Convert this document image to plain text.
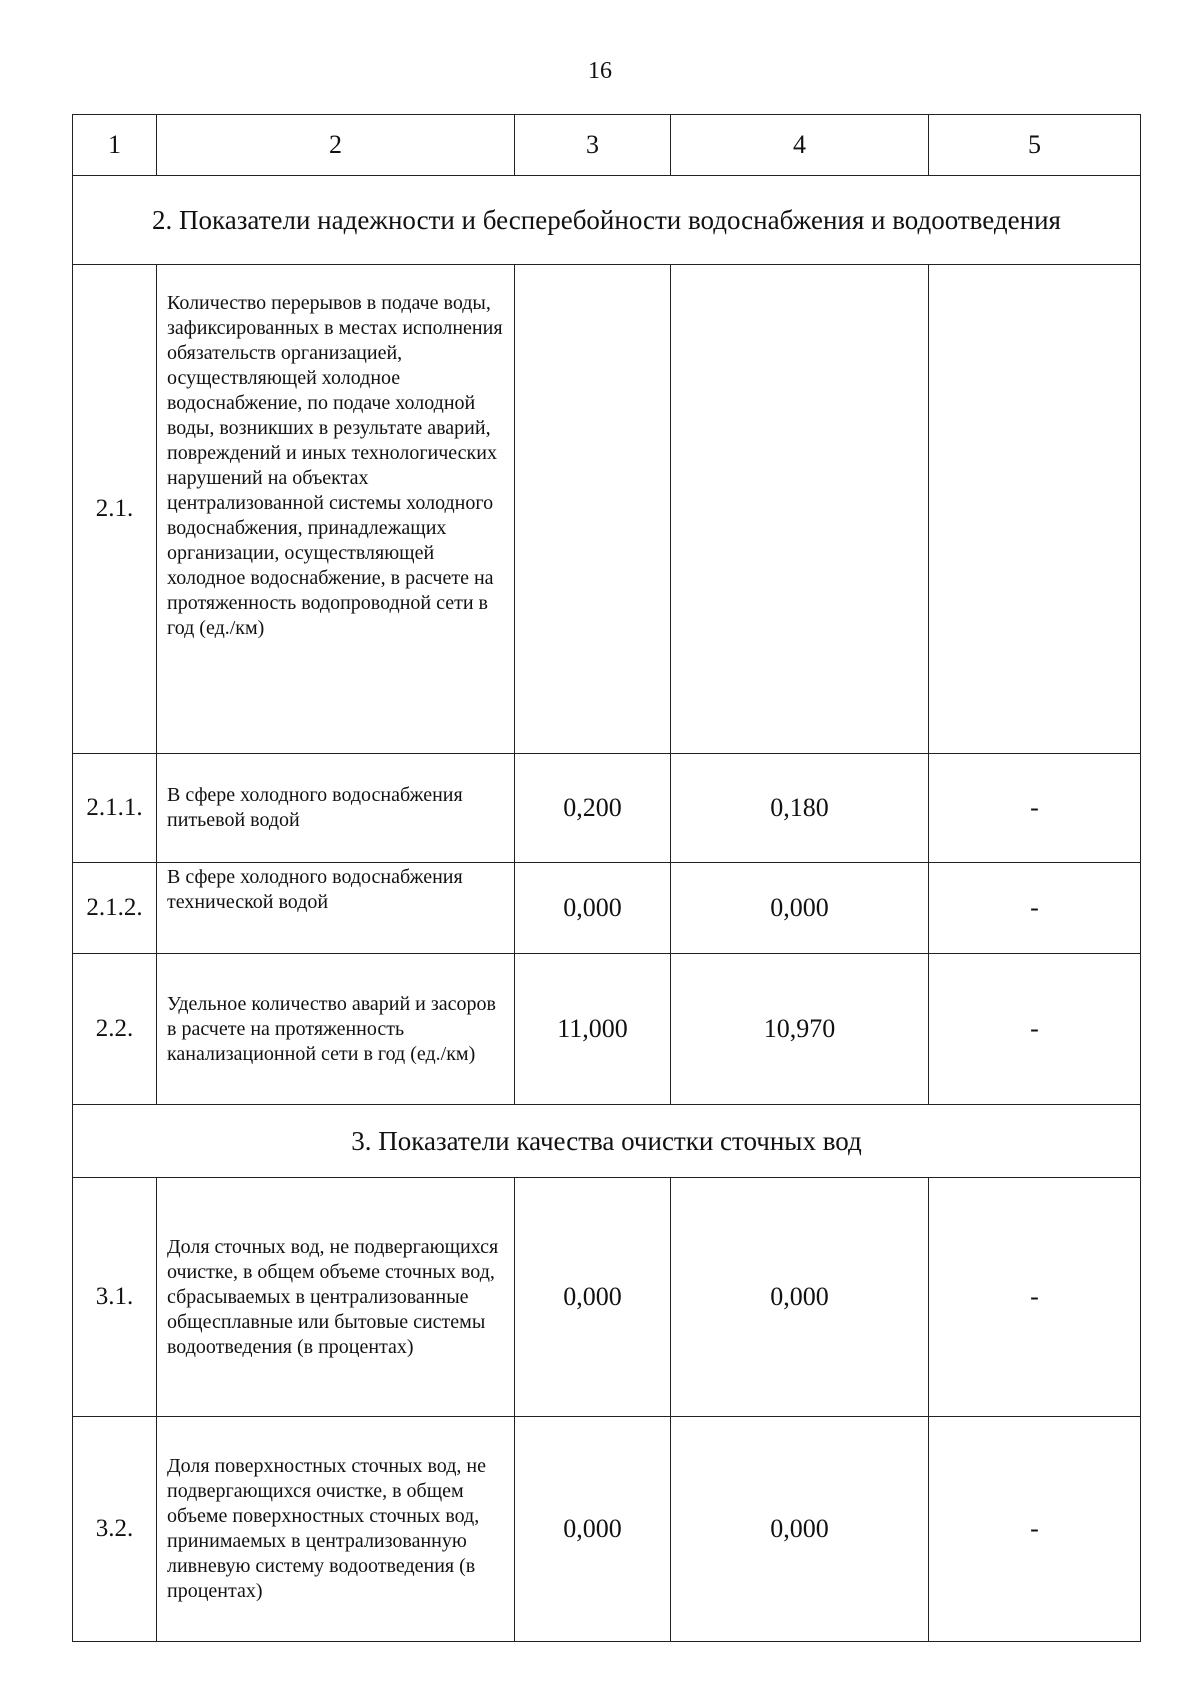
16
1	2	3	4	5
2. Показатели надежности и бесперебойности водоснабжения и водоотведения				
2.1.	Количество перерывов в подаче воды, зафиксированных в местах исполнения обязательств организацией, осуществляющей холодное водоснабжение, по подаче холодной воды, возникших в результате аварий, повреждений и иных технологических нарушений на объектах централизованной системы холодного водоснабжения, принадлежащих организации, осуществляющей холодное водоснабжение, в расчете на протяженность водопроводной сети в год (ед./км)			
2.1.1.	В сфере холодного водоснабжения питьевой водой	0,200	0,180	-
2.1.2.	В сфере холодного водоснабжения технической водой	0,000	0,000	-
2.2.	Удельное количество аварий и засоров в расчете на протяженность канализационной сети в год (ед./км)	11,000	10,970	-
3. Показатели качества очистки сточных вод				
3.1.	Доля сточных вод, не подвергающихся очистке, в общем объеме сточных вод, сбрасываемых в централизованные общесплавные или бытовые системы водоотведения (в процентах)	0,000	0,000	-
3.2.	Доля поверхностных сточных вод, не подвергающихся очистке, в общем объеме поверхностных сточных вод, принимаемых в централизованную ливневую систему водоотведения (в процентах)	0,000	0,000	-
